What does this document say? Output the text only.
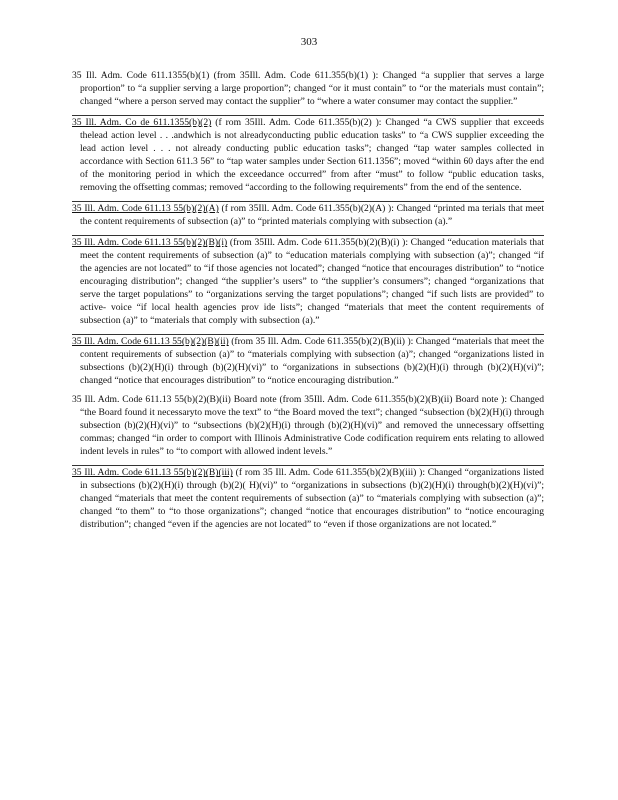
303

35 Ill. Adm. Code 611.1355(b)(1) (from 35Ill. Adm. Code 611.355(b)(1) ): Changed “a supplier that serves a large proportion” to “a supplier serving a large proportion”; changed “or it must contain” to “or the materials must contain”; changed “where a person served may contact the supplier” to “where a water consumer may contact the supplier.”

35 Ill. Adm. Co de 611.1355(b)(2) (f rom 35Ill. Adm. Code 611.355(b)(2) ): Changed “a CWS supplier that exceeds thelead action level . . .andwhich is not alreadyconducting public education tasks” to “a CWS supplier exceeding the lead action level . . . not already conducting public education tasks”; changed “tap water samples collected in accordance with Section 611.3 56” to “tap water samples under Section 611.1356”; moved “within 60 days after the end of the monitoring period in which the exceedance occurred” from after “must” to follow “public education tasks, removing the offsetting commas; removed “according to the following requirements” from the end of the sentence.

35 Ill. Adm. Code 611.13 55(b)(2)(A) (f rom 35Ill. Adm. Code 611.355(b)(2)(A) ): Changed “printed ma terials that meet the content requirements of subsection (a)” to “printed materials complying with subsection (a).”

35 Ill. Adm. Code 611.13 55(b)(2)(B)(i) (from 35Ill. Adm. Code 611.355(b)(2)(B)(i) ): Changed “education materials that meet the content requirements of subsection (a)” to “education materials complying with subsection (a)”; changed “if the agencies are not located” to “if those agencies not located”; changed “notice that encourages distribution” to “notice encouraging distribution”; changed “the supplier’s users” to “the supplier’s consumers”; changed “organizations that serve the target populations” to “organizations serving the target populations”; changed “if such lists are provided” to active- voice “if local health agencies prov ide lists”; changed “materials that meet the content requirements of subsection (a)” to “materials that comply with subsection (a).”

35 Ill. Adm. Code 611.13 55(b)(2)(B)(ii) (from 35 Ill. Adm. Code 611.355(b)(2)(B)(ii) ): Changed “materials that meet the content requirements of subsection (a)” to “materials complying with subsection (a)”; changed “organizations listed in subsections (b)(2)(H)(i) through (b)(2)(H)(vi)” to “organizations in subsections (b)(2)(H)(i) through (b)(2)(H)(vi)”; changed “notice that encourages distribution” to “notice encouraging distribution.”

35 Ill. Adm. Code 611.13 55(b)(2)(B)(ii) Board note (from 35Ill. Adm. Code 611.355(b)(2)(B)(ii) Board note ): Changed “the Board found it necessaryto move the text” to “the Board moved the text”; changed “subsection (b)(2)(H)(i) through subsection (b)(2)(H)(vi)” to “subsections (b)(2)(H)(i) through (b)(2)(H)(vi)” and removed the unnecessary offsetting commas; changed “in order to comport with Illinois Administrative Code codification requirem ents relating to allowed indent levels in rules” to “to comport with allowed indent levels.”

35 Ill. Adm. Code 611.13 55(b)(2)(B)(iii) (f rom 35 Ill. Adm. Code 611.355(b)(2)(B)(iii) ): Changed “organizations listed in subsections (b)(2)(H)(i) through (b)(2)( H)(vi)” to “organizations in subsections (b)(2)(H)(i) through(b)(2)(H)(vi)”; changed “materials that meet the content requirements of subsection (a)” to “materials complying with subsection (a)”; changed “to them” to “to those organizations”; changed “notice that encourages distribution” to “notice encouraging distribution”; changed “even if the agencies are not located” to “even if those organizations are not located.”
